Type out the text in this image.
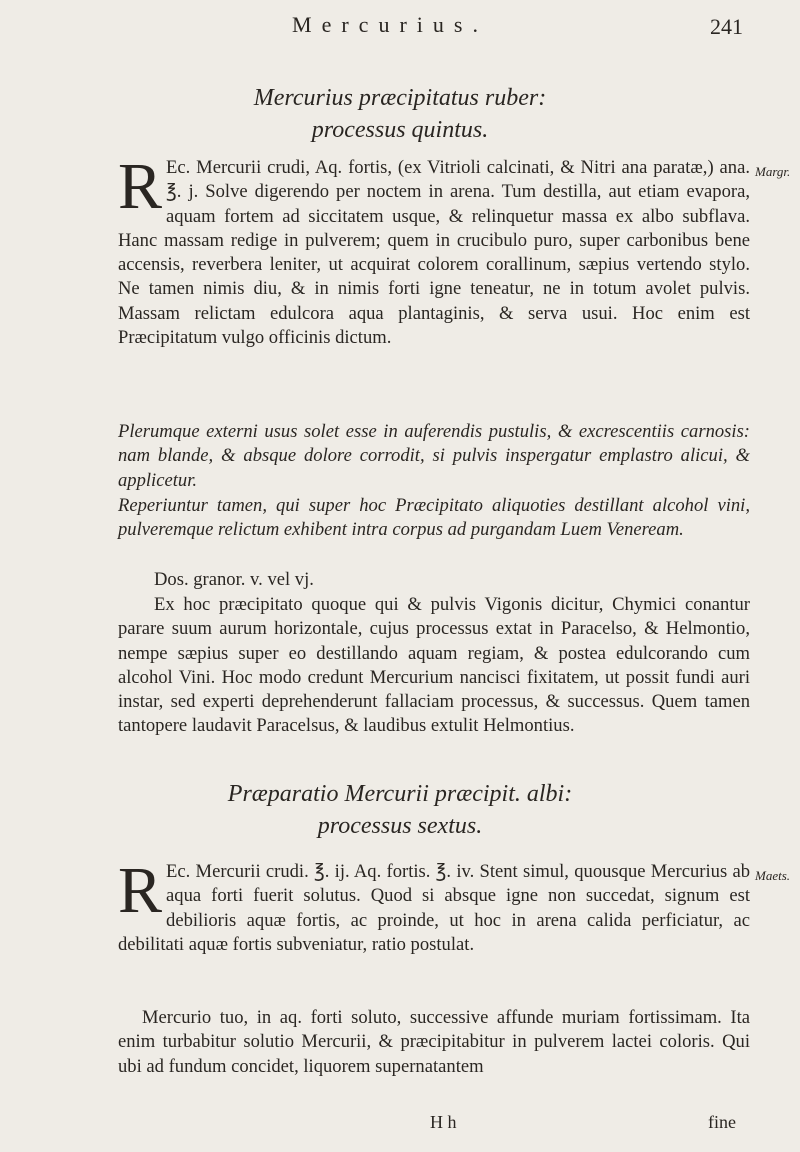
Mercurius.	241
Mercurius præcipitatus ruber:
processus quintus.
Margr.

R Ec. Mercurii crudi, Aq. fortis, (ex Vitrioli calcinati, & Nitri ana paratæ,) ana. ℥. j. Solve digerendo per noctem in arena. Tum destilla, aut etiam evapora, aquam fortem ad siccitatem usque, & relinquetur massa ex albo subflava. Hanc massam redige in pulverem; quem in crucibulo puro, super carbonibus bene accensis, reverbera leniter, ut acquirat colorem corallinum, sæpius vertendo stylo. Ne tamen nimis diu, & in nimis forti igne teneatur, ne in totum avolet pulvis. Massam relictam edulcora aqua plantaginis, & serva usui. Hoc enim est Præcipitatum vulgo officinis dictum.

Plerumque externi usus solet esse in auferendis pustulis, & excrescentiis carnosis: nam blande, & absque dolore corrodit, si pulvis inspergatur emplastro alicui, & applicetur.

Reperiuntur tamen, qui super hoc Præcipitato aliquoties destillant alcohol vini, pulveremque relictum exhibent intra corpus ad purgandam Luem Veneream.

Dos. granor. v. vel vj.

Ex hoc præcipitato quoque qui & pulvis Vigonis dicitur, Chymici conantur parare suum aurum horizontale, cujus processus extat in Paracelso, & Helmontio, nempe sæpius super eo destillando aquam regiam, & postea edulcorando cum alcohol Vini. Hoc modo credunt Mercurium nancisci fixitatem, ut possit fundi auri instar, sed experti deprehenderunt fallaciam processus, & successus. Quem tamen tantopere laudavit Paracelsus, & laudibus extulit Helmontius.

Præparatio Mercurii præcipit. albi:
processus sextus.
Maets.

R Ec. Mercurii crudi. ℥. ij. Aq. fortis. ℥. iv. Stent simul, quousque Mercurius ab aqua forti fuerit solutus. Quod si absque igne non succedat, signum est debilioris aquæ fortis, ac proinde, ut hoc in arena calida perficiatur, ac debilitati aquæ fortis subveniatur, ratio postulat.

Mercurio tuo, in aq. forti soluto, successive affunde muriam fortissimam. Ita enim turbabitur solutio Mercurii, & præcipitabitur in pulverem lactei coloris. Qui ubi ad fundum concidet, liquorem supernatantem

H h	fine
